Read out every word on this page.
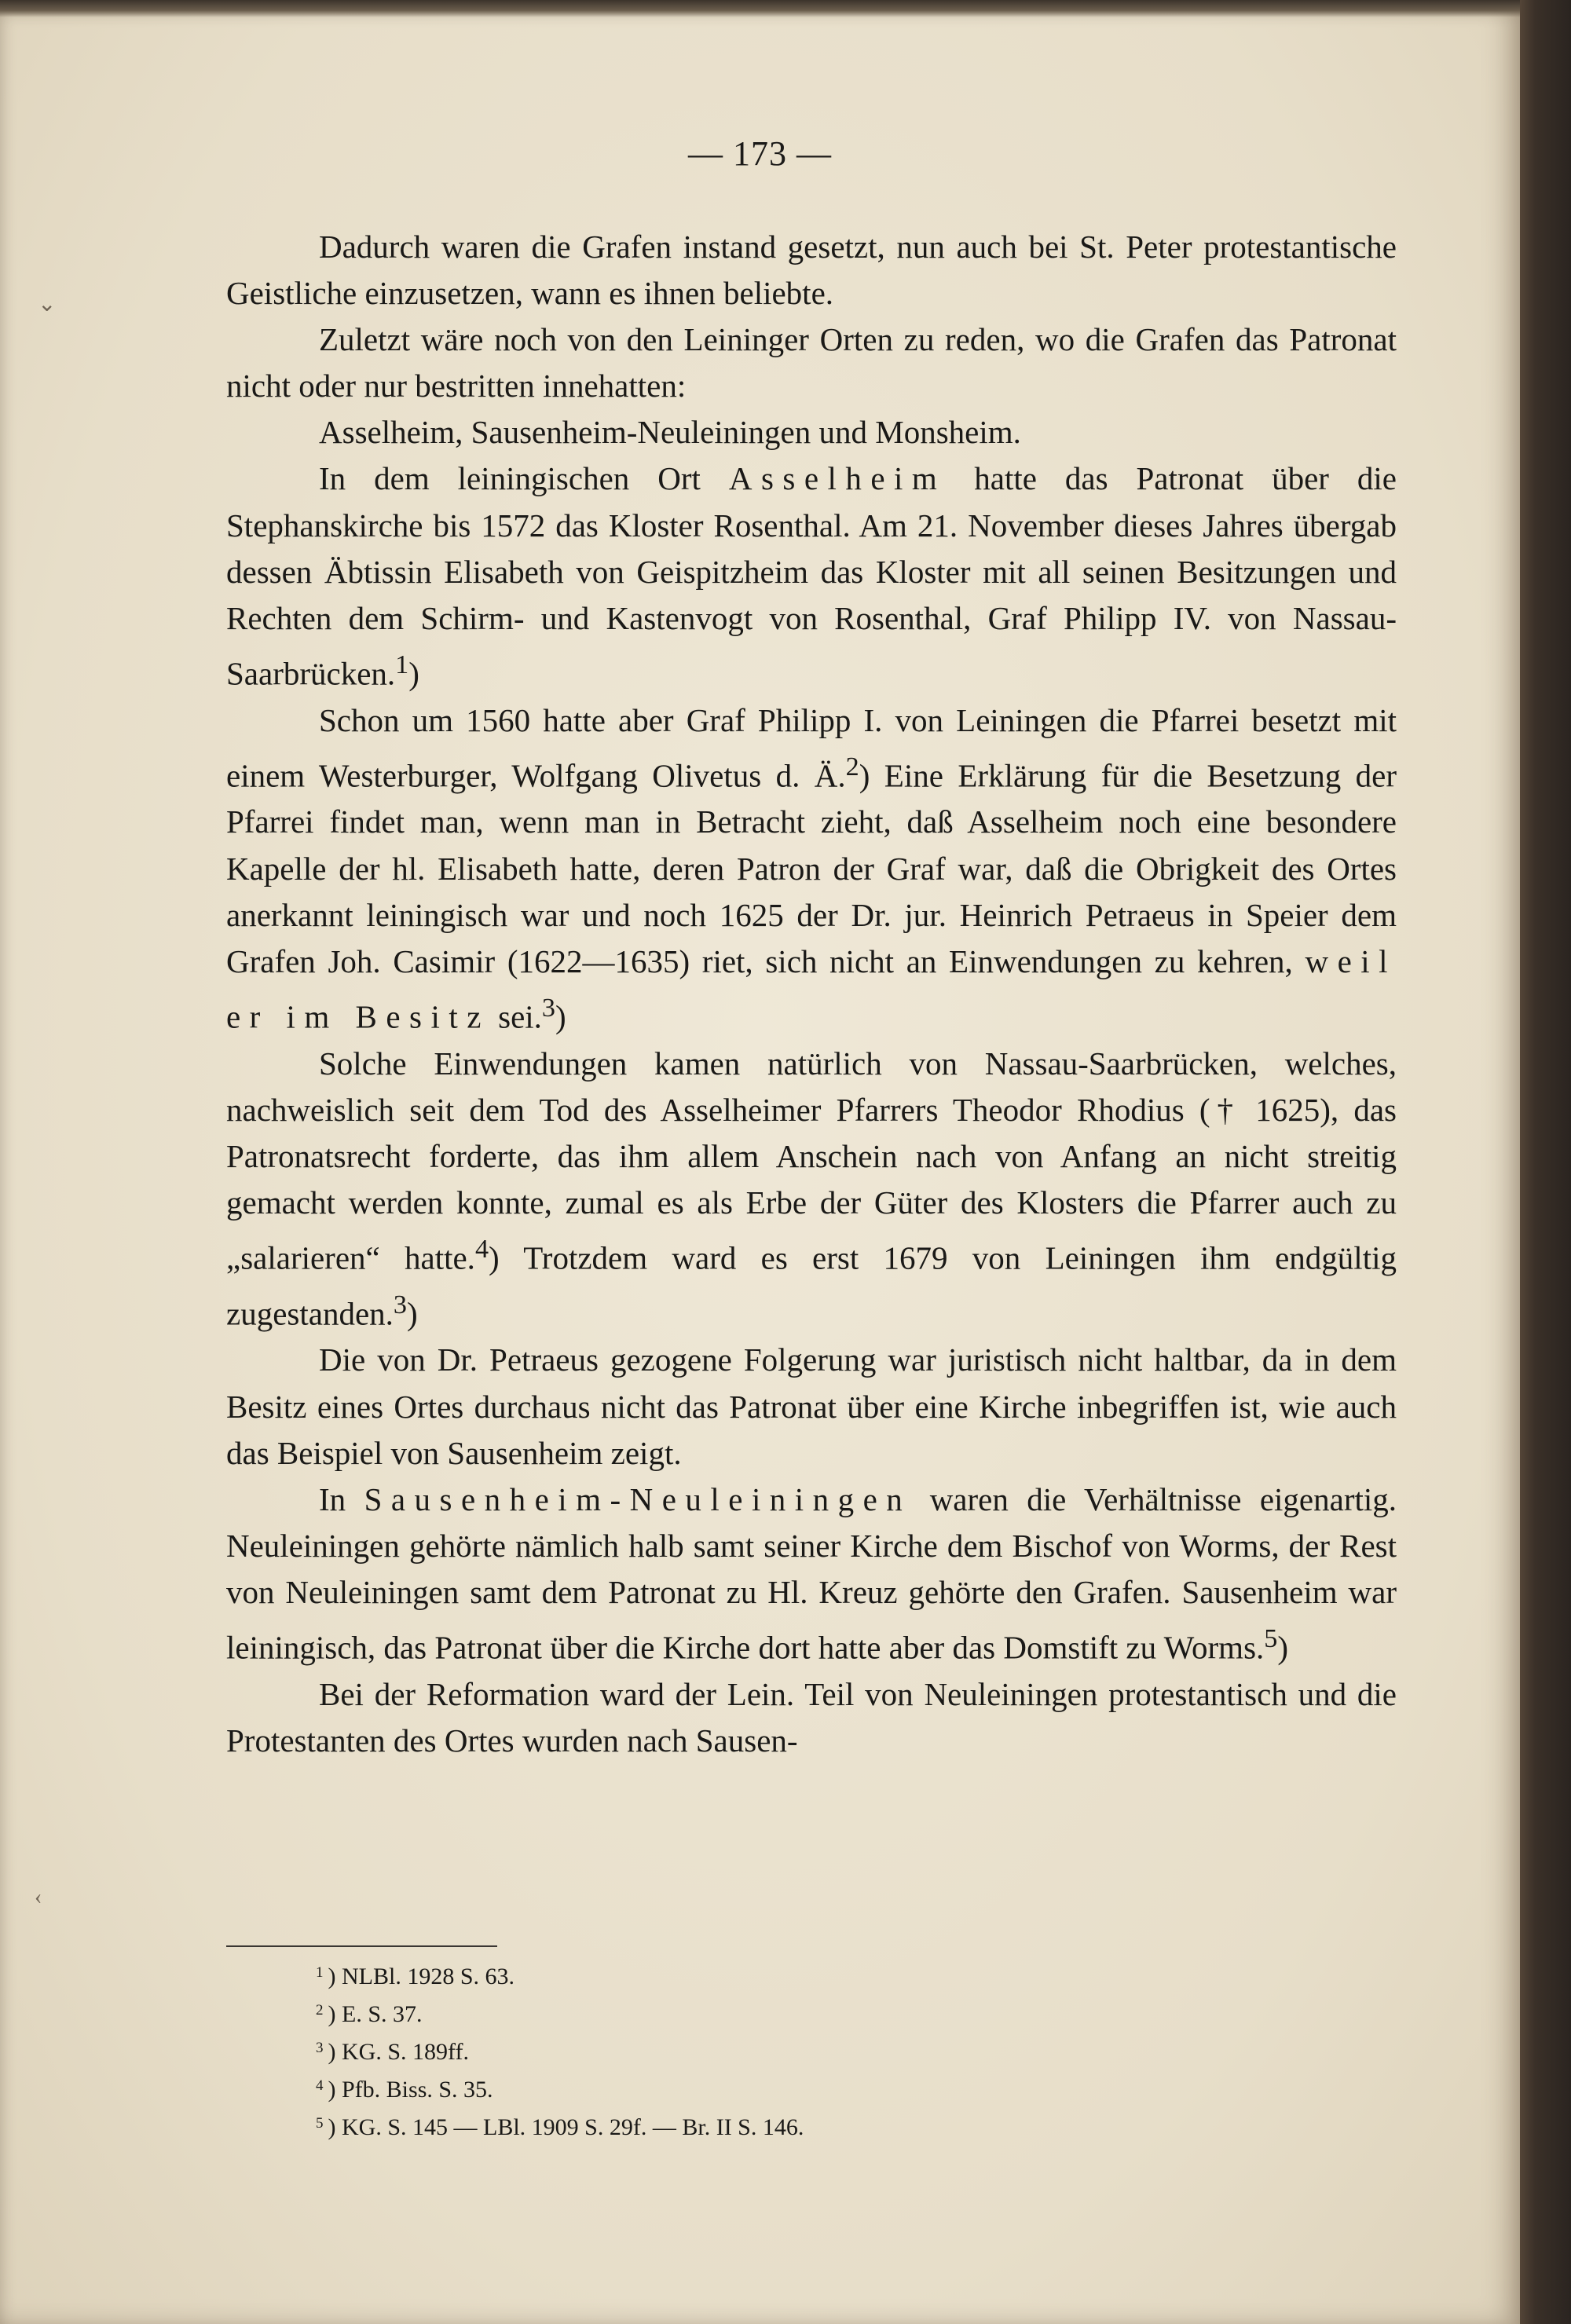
— 173 —

Dadurch waren die Grafen instand gesetzt, nun auch bei St. Peter protestantische Geistliche einzusetzen, wann es ihnen beliebte.

Zuletzt wäre noch von den Leininger Orten zu reden, wo die Grafen das Patronat nicht oder nur bestritten innehatten:

Asselheim, Sausenheim-Neuleiningen und Monsheim.

In dem leiningischen Ort Asselheim hatte das Patronat über die Stephanskirche bis 1572 das Kloster Rosenthal. Am 21. November dieses Jahres übergab dessen Äbtissin Elisabeth von Geispitzheim das Kloster mit all seinen Besitzungen und Rechten dem Schirm- und Kastenvogt von Rosenthal, Graf Philipp IV. von Nassau-Saarbrücken.$^1$)

Schon um 1560 hatte aber Graf Philipp I. von Leiningen die Pfarrei besetzt mit einem Westerburger, Wolfgang Olivetus d. Ä.$^2$) Eine Erklärung für die Besetzung der Pfarrei findet man, wenn man in Betracht zieht, daß Asselheim noch eine besondere Kapelle der hl. Elisabeth hatte, deren Patron der Graf war, daß die Obrigkeit des Ortes anerkannt leiningisch war und noch 1625 der Dr. jur. Heinrich Petraeus in Speier dem Grafen Joh. Casimir (1622—1635) riet, sich nicht an Einwendungen zu kehren, weil er im Besitz sei.$^3$)

Solche Einwendungen kamen natürlich von Nassau-Saarbrücken, welches, nachweislich seit dem Tod des Asselheimer Pfarrers Theodor Rhodius († 1625), das Patronatsrecht forderte, das ihm allem Anschein nach von Anfang an nicht streitig gemacht werden konnte, zumal es als Erbe der Güter des Klosters die Pfarrer auch zu „salarieren“ hatte.$^4$) Trotzdem ward es erst 1679 von Leiningen ihm endgültig zugestanden.$^3$)

Die von Dr. Petraeus gezogene Folgerung war juristisch nicht haltbar, da in dem Besitz eines Ortes durchaus nicht das Patronat über eine Kirche inbegriffen ist, wie auch das Beispiel von Sausenheim zeigt.

In Sausenheim-Neuleiningen waren die Verhältnisse eigenartig. Neuleiningen gehörte nämlich halb samt seiner Kirche dem Bischof von Worms, der Rest von Neuleiningen samt dem Patronat zu Hl. Kreuz gehörte den Grafen. Sausenheim war leiningisch, das Patronat über die Kirche dort hatte aber das Domstift zu Worms.$^5$)

Bei der Reformation ward der Lein. Teil von Neuleiningen protestantisch und die Protestanten des Ortes wurden nach Sausen-

$^1$ ) NLBl. 1928 S. 63.
$^2$ ) E. S. 37.
$^3$ ) KG. S. 189ff.
$^4$ ) Pfb. Biss. S. 35.
$^5$ ) KG. S. 145 — LBl. 1909 S. 29f. — Br. II S. 146.
⌄
‹
